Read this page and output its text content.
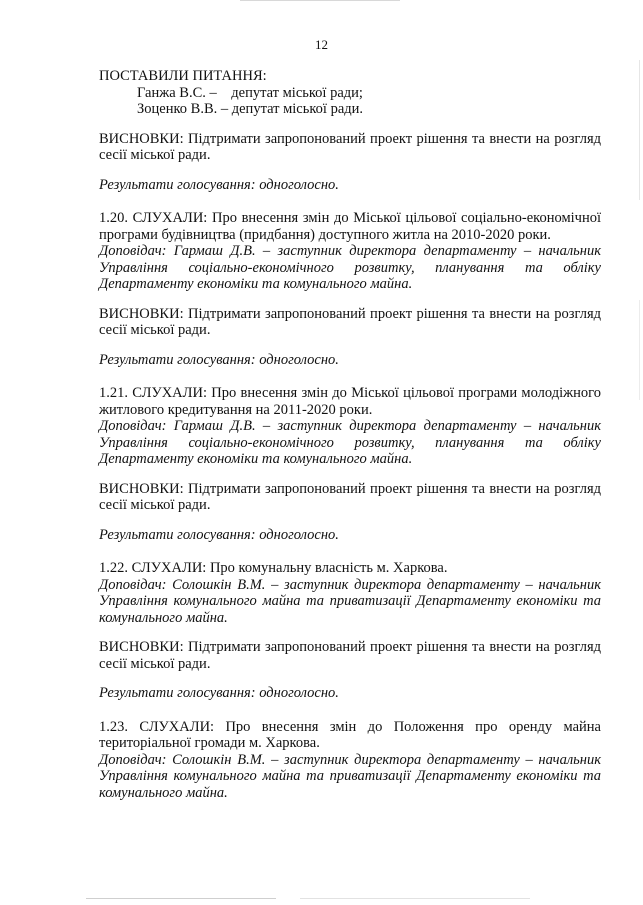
12

ПОСТАВИЛИ ПИТАННЯ:

Ганжа В.С. –    депутат міської ради;

Зоценко В.В. – депутат міської ради.

ВИСНОВКИ: Підтримати запропонований проект рішення та внести на розгляд сесії міської ради.

Результати голосування: одноголосно.

1.20. СЛУХАЛИ: Про внесення змін до Міської цільової соціально-економічної програми будівництва (придбання) доступного житла на 2010-2020 роки.

Доповідач: Гармаш Д.В. – заступник директора департаменту – начальник Управління соціально-економічного розвитку, планування та обліку Департаменту економіки та комунального майна.

ВИСНОВКИ: Підтримати запропонований проект рішення та внести на розгляд сесії міської ради.

Результати голосування: одноголосно.

1.21. СЛУХАЛИ: Про внесення змін до Міської цільової програми молодіжного житлового кредитування на 2011-2020 роки.

Доповідач: Гармаш Д.В. – заступник директора департаменту – начальник Управління соціально-економічного розвитку, планування та обліку Департаменту економіки та комунального майна.

ВИСНОВКИ: Підтримати запропонований проект рішення та внести на розгляд сесії міської ради.

Результати голосування: одноголосно.

1.22. СЛУХАЛИ: Про комунальну власність м. Харкова.

Доповідач: Солошкін В.М. – заступник директора департаменту – начальник Управління комунального майна та приватизації Департаменту економіки та комунального майна.

ВИСНОВКИ: Підтримати запропонований проект рішення та внести на розгляд сесії міської ради.

Результати голосування: одноголосно.

1.23. СЛУХАЛИ: Про внесення змін до Положення про оренду майна територіальної громади м. Харкова.

Доповідач: Солошкін В.М. – заступник директора департаменту – начальник Управління комунального майна та приватизації Департаменту економіки та комунального майна.
